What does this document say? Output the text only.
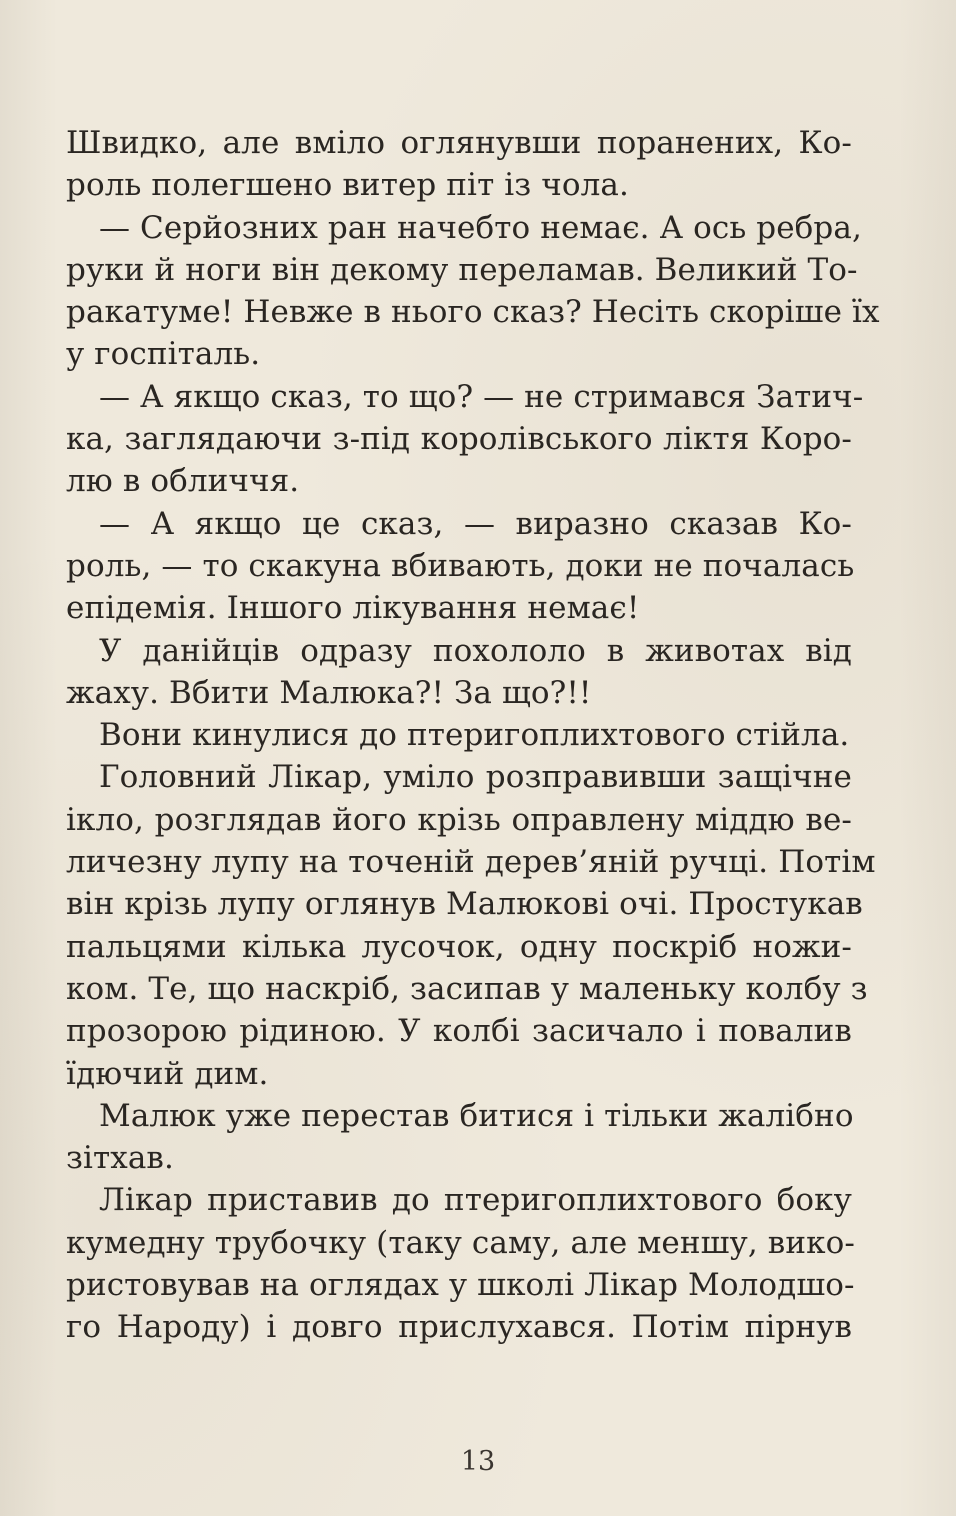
Швидко, але вміло оглянувши поранених, Ко-
роль полегшено витер піт із чола.
— Серйозних ран начебто немає. А ось ребра,
руки й ноги він декому переламав. Великий То-
ракатуме! Невже в нього сказ? Несіть скоріше їх
у госпіталь.
— А якщо сказ, то що? — не стримався Затич-
ка, заглядаючи з-під королівського ліктя Коро-
лю в обличчя.
— А якщо це сказ, — виразно сказав Ко-
роль, — то скакуна вбивають, доки не почалась
епідемія. Іншого лікування немає!
У данійців одразу похололо в животах від
жаху. Вбити Малюка?! За що?!!
Вони кинулися до птеригоплихтового стійла.
Головний Лікар, уміло розправивши защічне
ікло, розглядав його крізь оправлену міддю ве-
личезну лупу на точеній дерев’яній ручці. Потім
він крізь лупу оглянув Малюкові очі. Простукав
пальцями кілька лусочок, одну поскріб ножи-
ком. Те, що наскріб, засипав у маленьку колбу з
прозорою рідиною. У колбі засичало і повалив
їдючий дим.
Малюк уже перестав битися і тільки жалібно
зітхав.
Лікар приставив до птеригоплихтового боку
кумедну трубочку (таку саму, але меншу, вико-
ристовував на оглядах у школі Лікар Молодшо-
го Народу) і довго прислухався. Потім пірнув
13
